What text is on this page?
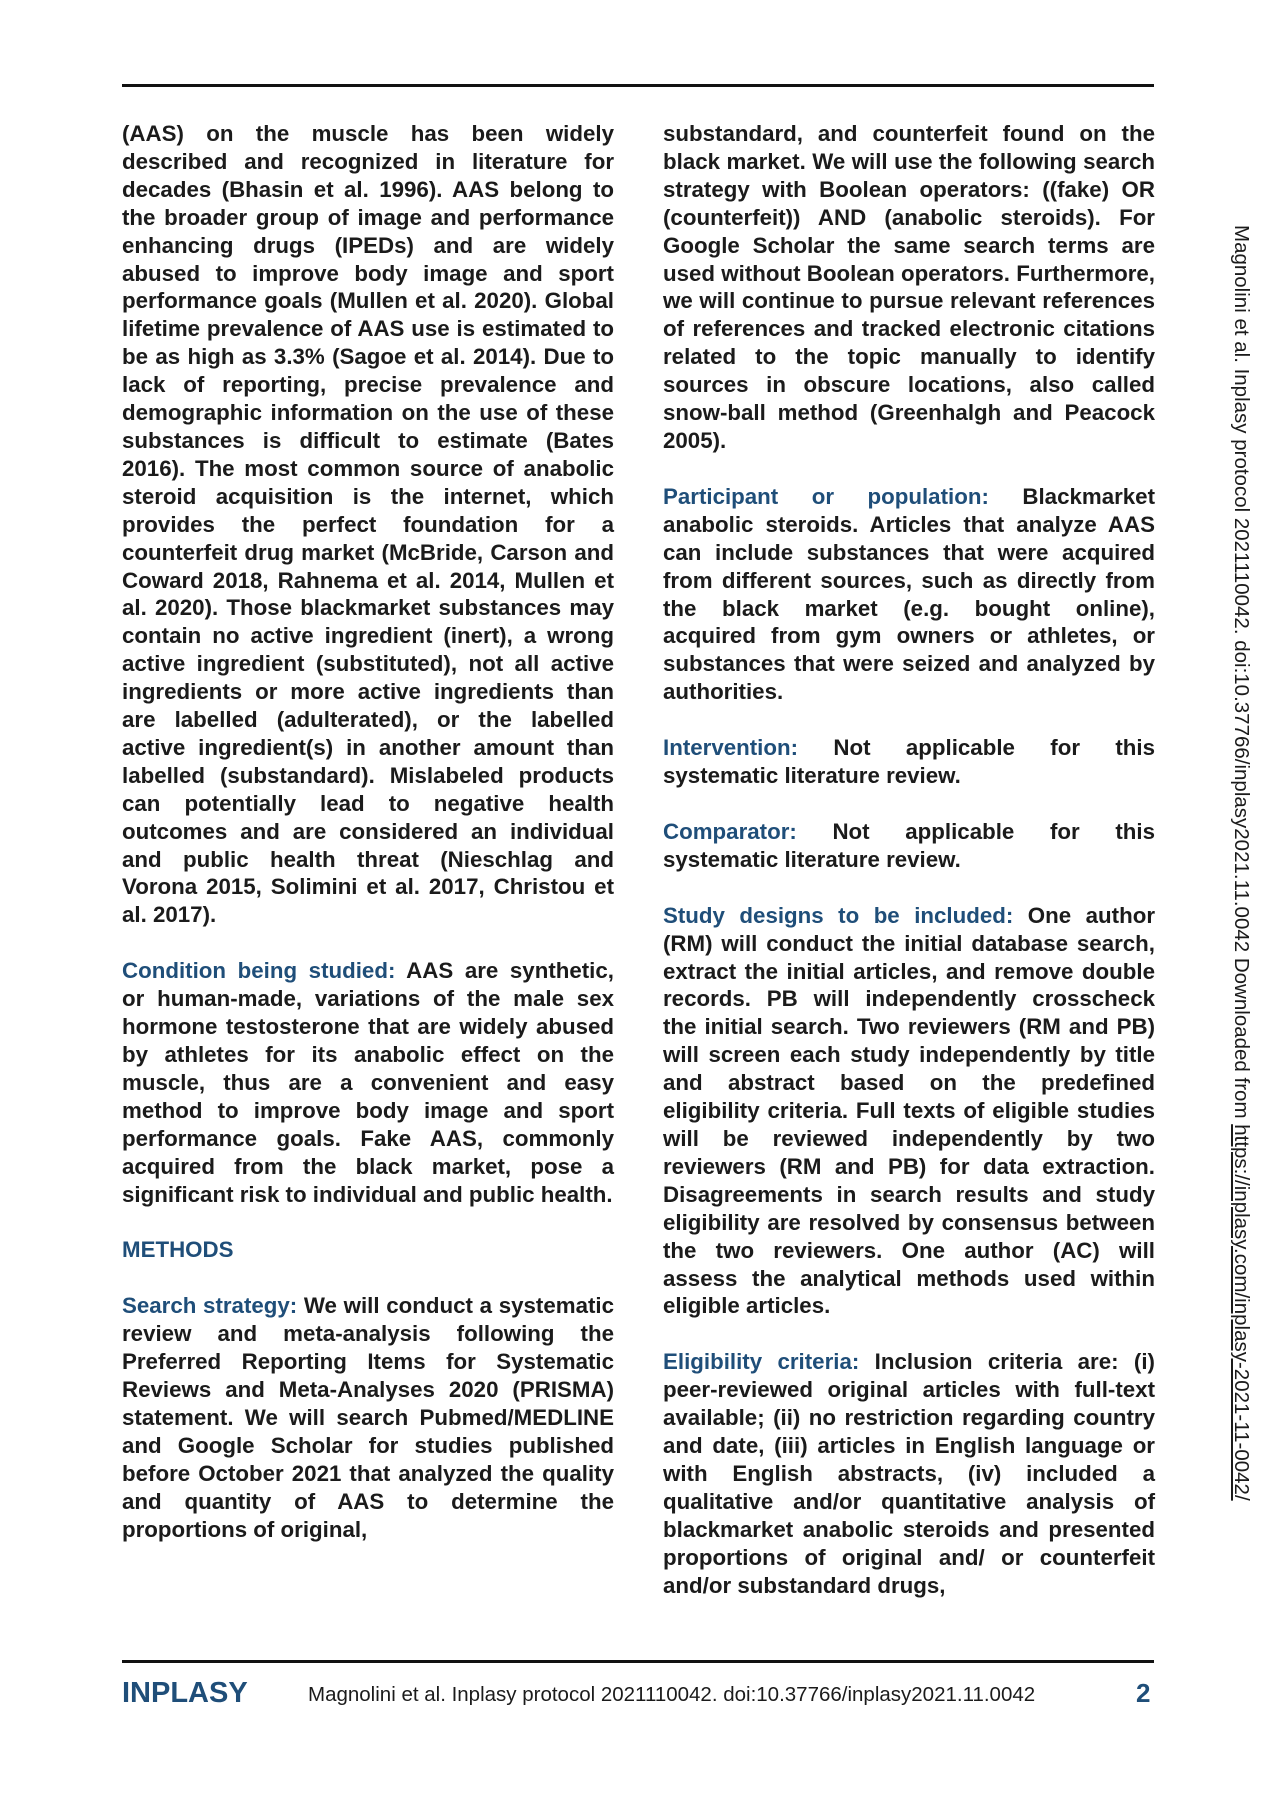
(AAS) on the muscle has been widely described and recognized in literature for decades (Bhasin et al. 1996). AAS belong to the broader group of image and performance enhancing drugs (IPEDs) and are widely abused to improve body image and sport performance goals (Mullen et al. 2020). Global lifetime prevalence of AAS use is estimated to be as high as 3.3% (Sagoe et al. 2014). Due to lack of reporting, precise prevalence and demographic information on the use of these substances is difficult to estimate (Bates 2016). The most common source of anabolic steroid acquisition is the internet, which provides the perfect foundation for a counterfeit drug market (McBride, Carson and Coward 2018, Rahnema et al. 2014, Mullen et al. 2020). Those blackmarket substances may contain no active ingredient (inert), a wrong active ingredient (substituted), not all active ingredients or more active ingredients than are labelled (adulterated), or the labelled active ingredient(s) in another amount than labelled (substandard). Mislabeled products can potentially lead to negative health outcomes and are considered an individual and public health threat (Nieschlag and Vorona 2015, Solimini et al. 2017, Christou et al. 2017).

Condition being studied: AAS are synthetic, or human-made, variations of the male sex hormone testosterone that are widely abused by athletes for its anabolic effect on the muscle, thus are a convenient and easy method to improve body image and sport performance goals. Fake AAS, commonly acquired from the black market, pose a significant risk to individual and public health.

METHODS

Search strategy: We will conduct a systematic review and meta-analysis following the Preferred Reporting Items for Systematic Reviews and Meta-Analyses 2020 (PRISMA) statement. We will search Pubmed/MEDLINE and Google Scholar for studies published before October 2021 that analyzed the quality and quantity of AAS to determine the proportions of original,

substandard, and counterfeit found on the black market. We will use the following search strategy with Boolean operators: ((fake) OR (counterfeit)) AND (anabolic steroids). For Google Scholar the same search terms are used without Boolean operators. Furthermore, we will continue to pursue relevant references of references and tracked electronic citations related to the topic manually to identify sources in obscure locations, also called snow-ball method (Greenhalgh and Peacock 2005).

Participant or population: Blackmarket anabolic steroids. Articles that analyze AAS can include substances that were acquired from different sources, such as directly from the black market (e.g. bought online), acquired from gym owners or athletes, or substances that were seized and analyzed by authorities.

Intervention: Not applicable for this systematic literature review.

Comparator: Not applicable for this systematic literature review.

Study designs to be included: One author (RM) will conduct the initial database search, extract the initial articles, and remove double records. PB will independently crosscheck the initial search. Two reviewers (RM and PB) will screen each study independently by title and abstract based on the predefined eligibility criteria. Full texts of eligible studies will be reviewed independently by two reviewers (RM and PB) for data extraction. Disagreements in search results and study eligibility are resolved by consensus between the two reviewers. One author (AC) will assess the analytical methods used within eligible articles.

Eligibility criteria: Inclusion criteria are: (i) peer-reviewed original articles with full-text available; (ii) no restriction regarding country and date, (iii) articles in English language or with English abstracts, (iv) included a qualitative and/or quantitative analysis of blackmarket anabolic steroids and presented proportions of original and/ or counterfeit and/or substandard drugs,

Magnolini et al. Inplasy protocol 2021110042. doi:10.37766/inplasy2021.11.0042 Downloaded from https://inplasy.com/inplasy-2021-11-0042/
INPLASY	Magnolini et al. Inplasy protocol 2021110042. doi:10.37766/inplasy2021.11.0042	2
